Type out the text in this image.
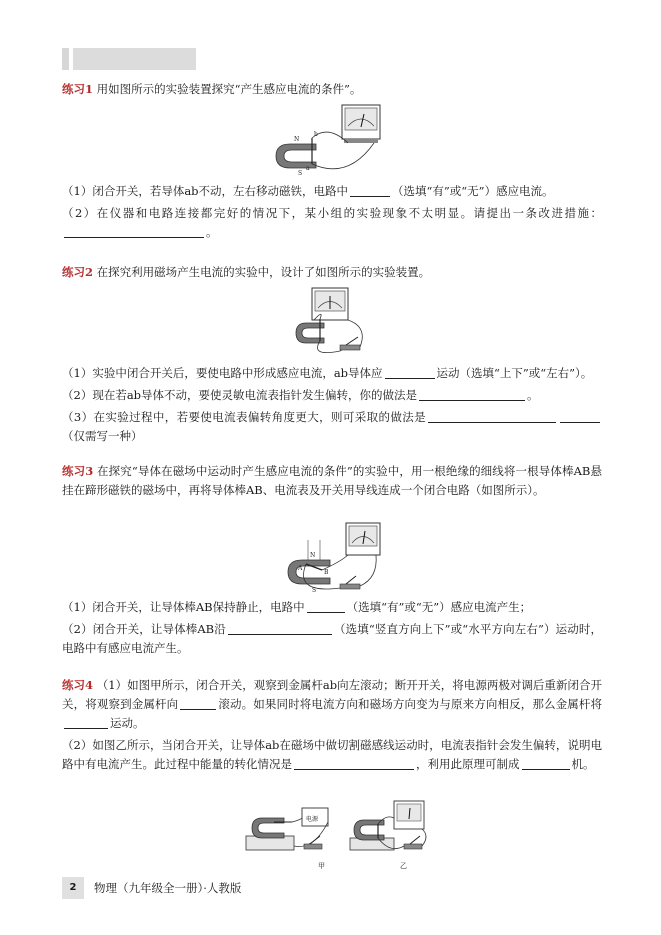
练习1 用如图所示的实验装置探究“产生感应电流的条件”。

N
S
b
a

（1）闭合开关，若导体ab不动，左右移动磁铁，电路中	（选填“有”或“无”）感应电流。

（2）在仪器和电路连接都完好的情况下，某小组的实验现象不太明显。请提出一条改进措施：。

练习2 在探究利用磁场产生电流的实验中，设计了如图所示的实验装置。

（1）实验中闭合开关后，要使电路中形成感应电流，ab导体应	运动（选填“上下”或“左右”）。

（2）现在若ab导体不动，要使灵敏电流表指针发生偏转，你的做法是	。

（3）在实验过程中，若要使电流表偏转角度更大，则可采取的做法是（仅需写一种）

练习3 在探究“导体在磁场中运动时产生感应电流的条件”的实验中，用一根绝缘的细线将一根导体棒AB悬挂在蹄形磁铁的磁场中，再将导体棒AB、电流表及开关用导线连成一个闭合电路（如图所示）。

N
S
A
B

（1）闭合开关，让导体棒AB保持静止，电路中	（选填“有”或“无”）感应电流产生；

（2）闭合开关，让导体棒AB沿	（选填“竖直方向上下”或“水平方向左右”）运动时，电路中有感应电流产生。

练习4 （1）如图甲所示，闭合开关，观察到金属杆ab向左滚动；断开开关，将电源两极对调后重新闭合开关，将观察到金属杆向	滚动。如果同时将电流方向和磁场方向变为与原来方向相反，那么金属杆将运动。

（2）如图乙所示，当闭合开关，让导体ab在磁场中做切割磁感线运动时，电流表指针会发生偏转，说明电路中有电流产生。此过程中能量的转化情况是	，利用此原理可制成	机。

电源
甲	乙
2	物理（九年级全一册）·人教版
